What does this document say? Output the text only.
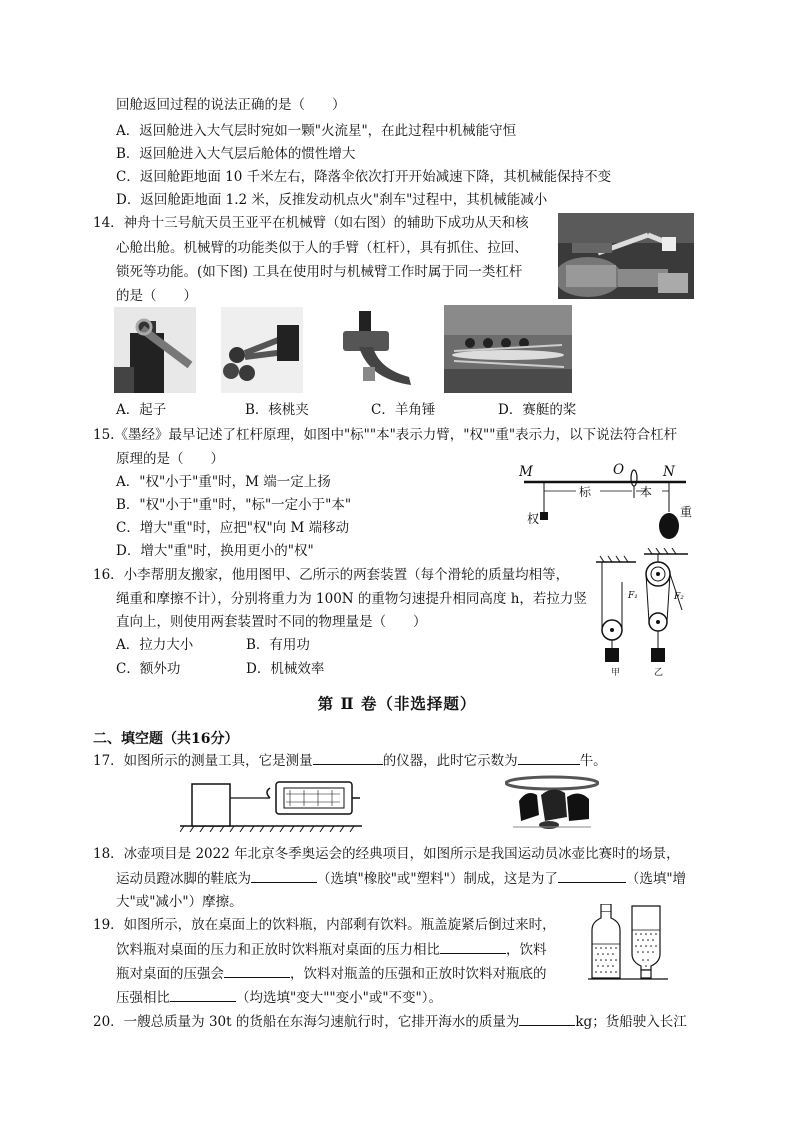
回舱返回过程的说法正确的是（　　）
A．返回舱进入大气层时宛如一颗"火流星"，在此过程中机械能守恒
B．返回舱进入大气层后舱体的惯性增大
C．返回舱距地面 10 千米左右，降落伞依次打开开始减速下降，其机械能保持不变
D．返回舱距地面 1.2 米，反推发动机点火"刹车"过程中，其机械能减小
14．神舟十三号航天员王亚平在机械臂（如右图）的辅助下成功从天和核
心舱出舱。机械臂的功能类似于人的手臂（杠杆），具有抓住、拉回、
锁死等功能。(如下图) 工具在使用时与机械臂工作时属于同一类杠杆
的是（　　）
A．起子	B．核桃夹	C．羊角锤	D．赛艇的桨
15.《墨经》最早记述了杠杆原理，如图中"标""本"表示力臂，"权""重"表示力，以下说法符合杠杆
原理的是（　　）
A．"权"小于"重"时，M 端一定上扬
B．"权"小于"重"时，"标"一定小于"本"
C．增大"重"时，应把"权"向 M 端移动
D．增大"重"时，换用更小的"权"
M	O	N
标	本
权	重
16．小李帮朋友搬家，他用图甲、乙所示的两套装置（每个滑轮的质量均相等，
绳重和摩擦不计），分别将重力为 100N 的重物匀速提升相同高度 h，若拉力竖
直向上，则使用两套装置时不同的物理量是（　　）
A．拉力大小	B．有用功
C．额外功	D．机械效率
F₁	F₂
甲	乙
第 Ⅱ 卷（非选择题）
二、填空题（共16分）
17．如图所示的测量工具，它是测量	的仪器，此时它示数为	牛。
18．冰壶项目是 2022 年北京冬季奥运会的经典项目，如图所示是我国运动员冰壶比赛时的场景，
运动员蹬冰脚的鞋底为	（选填"橡胶"或"塑料"）制成，这是为了	（选填"增
大"或"减小"）摩擦。
19．如图所示，放在桌面上的饮料瓶，内部剩有饮料。瓶盖旋紧后倒过来时，
饮料瓶对桌面的压力和正放时饮料瓶对桌面的压力相比	，饮料
瓶对桌面的压强会	，饮料对瓶盖的压强和正放时饮料对瓶底的
压强相比	（均选填"变大""变小"或"不变"）。
20．一艘总质量为 30t 的货船在东海匀速航行时，它排开海水的质量为	kg；货船驶入长江
